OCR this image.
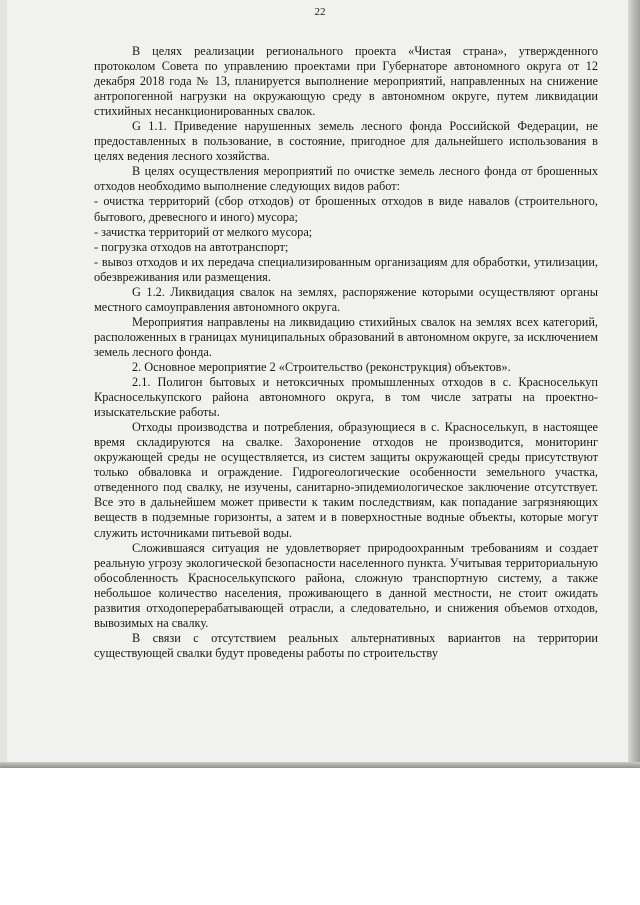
22

В целях реализации регионального проекта «Чистая страна», утвержденного протоколом Совета по управлению проектами при Губернаторе автономного округа от 12 декабря 2018 года № 13, планируется выполнение мероприятий, направленных на снижение антропогенной нагрузки на окружающую среду в автономном округе, путем ликвидации стихийных несанкционированных свалок.

G 1.1. Приведение нарушенных земель лесного фонда Российской Федерации, не предоставленных в пользование, в состояние, пригодное для дальнейшего использования в целях ведения лесного хозяйства.

В целях осуществления мероприятий по очистке земель лесного фонда от брошенных отходов необходимо выполнение следующих видов работ:

- очистка территорий (сбор отходов) от брошенных отходов в виде навалов (строительного, бытового, древесного и иного) мусора;

- зачистка территорий от мелкого мусора;

- погрузка отходов на автотранспорт;

- вывоз отходов и их передача специализированным организациям для обработки, утилизации, обезвреживания или размещения.

G 1.2. Ликвидация свалок на землях, распоряжение которыми осуществляют органы местного самоуправления автономного округа.

Мероприятия направлены на ликвидацию стихийных свалок на землях всех категорий, расположенных в границах муниципальных образований в автономном округе, за исключением земель лесного фонда.

2. Основное мероприятие 2 «Строительство (реконструкция) объектов».

2.1. Полигон бытовых и нетоксичных промышленных отходов в с. Красноселькуп Красноселькупского района автономного округа, в том числе затраты на проектно-изыскательские работы.

Отходы производства и потребления, образующиеся в с. Красноселькуп, в настоящее время складируются на свалке. Захоронение отходов не производится, мониторинг окружающей среды не осуществляется, из систем защиты окружающей среды присутствуют только обваловка и ограждение. Гидрогеологические особенности земельного участка, отведенного под свалку, не изучены, санитарно-эпидемиологическое заключение отсутствует. Все это в дальнейшем может привести к таким последствиям, как попадание загрязняющих веществ в подземные горизонты, а затем и в поверхностные водные объекты, которые могут служить источниками питьевой воды.

Сложившаяся ситуация не удовлетворяет природоохранным требованиям и создает реальную угрозу экологической безопасности населенного пункта. Учитывая территориальную обособленность Красноселькупского района, сложную транспортную систему, а также небольшое количество населения, проживающего в данной местности, не стоит ожидать развития отходоперерабатывающей отрасли, а следовательно, и снижения объемов отходов, вывозимых на свалку.

В связи с отсутствием реальных альтернативных вариантов на территории существующей свалки будут проведены работы по строительству
